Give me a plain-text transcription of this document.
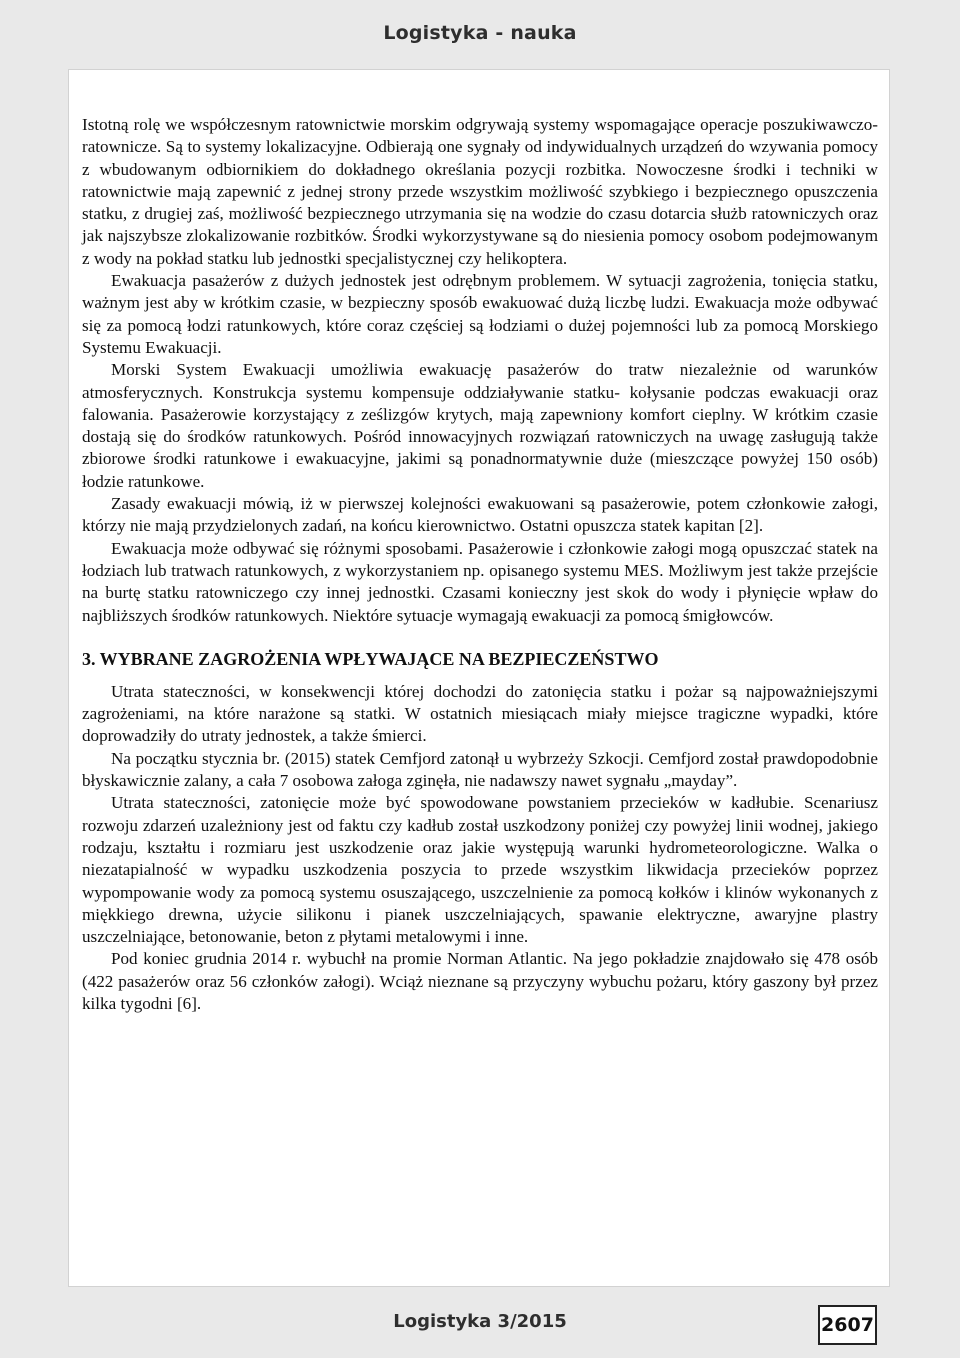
Logistyka - nauka

Istotną rolę we współczesnym ratownictwie morskim odgrywają systemy wspomagające operacje poszukiwawczo- ratownicze. Są to systemy lokalizacyjne. Odbierają one sygnały od indywidualnych urządzeń do wzywania pomocy z wbudowanym odbiornikiem do dokładnego określania pozycji rozbitka. Nowoczesne środki i techniki w ratownictwie mają zapewnić z jednej strony przede wszystkim możliwość szybkiego i bezpiecznego opuszczenia statku, z drugiej zaś, możliwość bezpiecznego utrzymania się na wodzie do czasu dotarcia służb ratowniczych oraz jak najszybsze zlokalizowanie rozbitków. Środki wykorzystywane są do niesienia pomocy osobom podejmowanym z wody na pokład statku lub jednostki specjalistycznej czy helikoptera.

Ewakuacja pasażerów z dużych jednostek jest odrębnym problemem. W sytuacji zagrożenia, tonięcia statku, ważnym jest aby w krótkim czasie, w bezpieczny sposób ewakuować dużą liczbę ludzi. Ewakuacja może odbywać się za pomocą łodzi ratunkowych, które coraz częściej są łodziami o dużej pojemności lub za pomocą Morskiego Systemu Ewakuacji.

Morski System Ewakuacji umożliwia ewakuację pasażerów do tratw niezależnie od warunków atmosferycznych. Konstrukcja systemu kompensuje oddziaływanie statku- kołysanie podczas ewakuacji oraz falowania. Pasażerowie korzystający z ześlizgów krytych, mają zapewniony komfort cieplny. W krótkim czasie dostają się do środków ratunkowych. Pośród innowacyjnych rozwiązań ratowniczych na uwagę zasługują także zbiorowe środki ratunkowe i ewakuacyjne, jakimi są ponadnormatywnie duże (mieszczące powyżej 150 osób) łodzie ratunkowe.

Zasady ewakuacji mówią, iż w pierwszej kolejności ewakuowani są pasażerowie, potem członkowie załogi, którzy nie mają przydzielonych zadań, na końcu kierownictwo. Ostatni opuszcza statek kapitan [2].

Ewakuacja może odbywać się różnymi sposobami. Pasażerowie i członkowie załogi mogą opuszczać statek na łodziach lub tratwach ratunkowych, z wykorzystaniem np. opisanego systemu MES. Możliwym jest także przejście na burtę statku ratowniczego czy innej jednostki. Czasami konieczny jest skok do wody i płynięcie wpław do najbliższych środków ratunkowych. Niektóre sytuacje wymagają ewakuacji za pomocą śmigłowców.

3. WYBRANE ZAGROŻENIA WPŁYWAJĄCE NA BEZPIECZEŃSTWO

Utrata stateczności, w konsekwencji której dochodzi do zatonięcia statku i pożar są najpoważniejszymi zagrożeniami, na które narażone są statki. W ostatnich miesiącach miały miejsce tragiczne wypadki, które doprowadziły do utraty jednostek, a także śmierci.

Na początku stycznia br. (2015) statek Cemfjord zatonął u wybrzeży Szkocji. Cemfjord został prawdopodobnie błyskawicznie zalany, a cała 7 osobowa załoga zginęła, nie nadawszy nawet sygnału „mayday”.

Utrata stateczności, zatonięcie może być spowodowane powstaniem przecieków w kadłubie. Scenariusz rozwoju zdarzeń uzależniony jest od faktu czy kadłub został uszkodzony poniżej czy powyżej linii wodnej, jakiego rodzaju, kształtu i rozmiaru jest uszkodzenie oraz jakie występują warunki hydrometeorologiczne. Walka o niezatapialność w wypadku uszkodzenia poszycia to przede wszystkim likwidacja przecieków poprzez wypompowanie wody za pomocą systemu osuszającego, uszczelnienie za pomocą kołków i klinów wykonanych z miękkiego drewna, użycie silikonu i pianek uszczelniających, spawanie elektryczne, awaryjne plastry uszczelniające, betonowanie, beton z płytami metalowymi i inne.

Pod koniec grudnia 2014 r. wybuchł na promie Norman Atlantic. Na jego pokładzie znajdowało się 478 osób (422 pasażerów oraz 56 członków załogi). Wciąż nieznane są przyczyny wybuchu pożaru, który gaszony był przez kilka tygodni [6].

Logistyka 3/2015	2607
